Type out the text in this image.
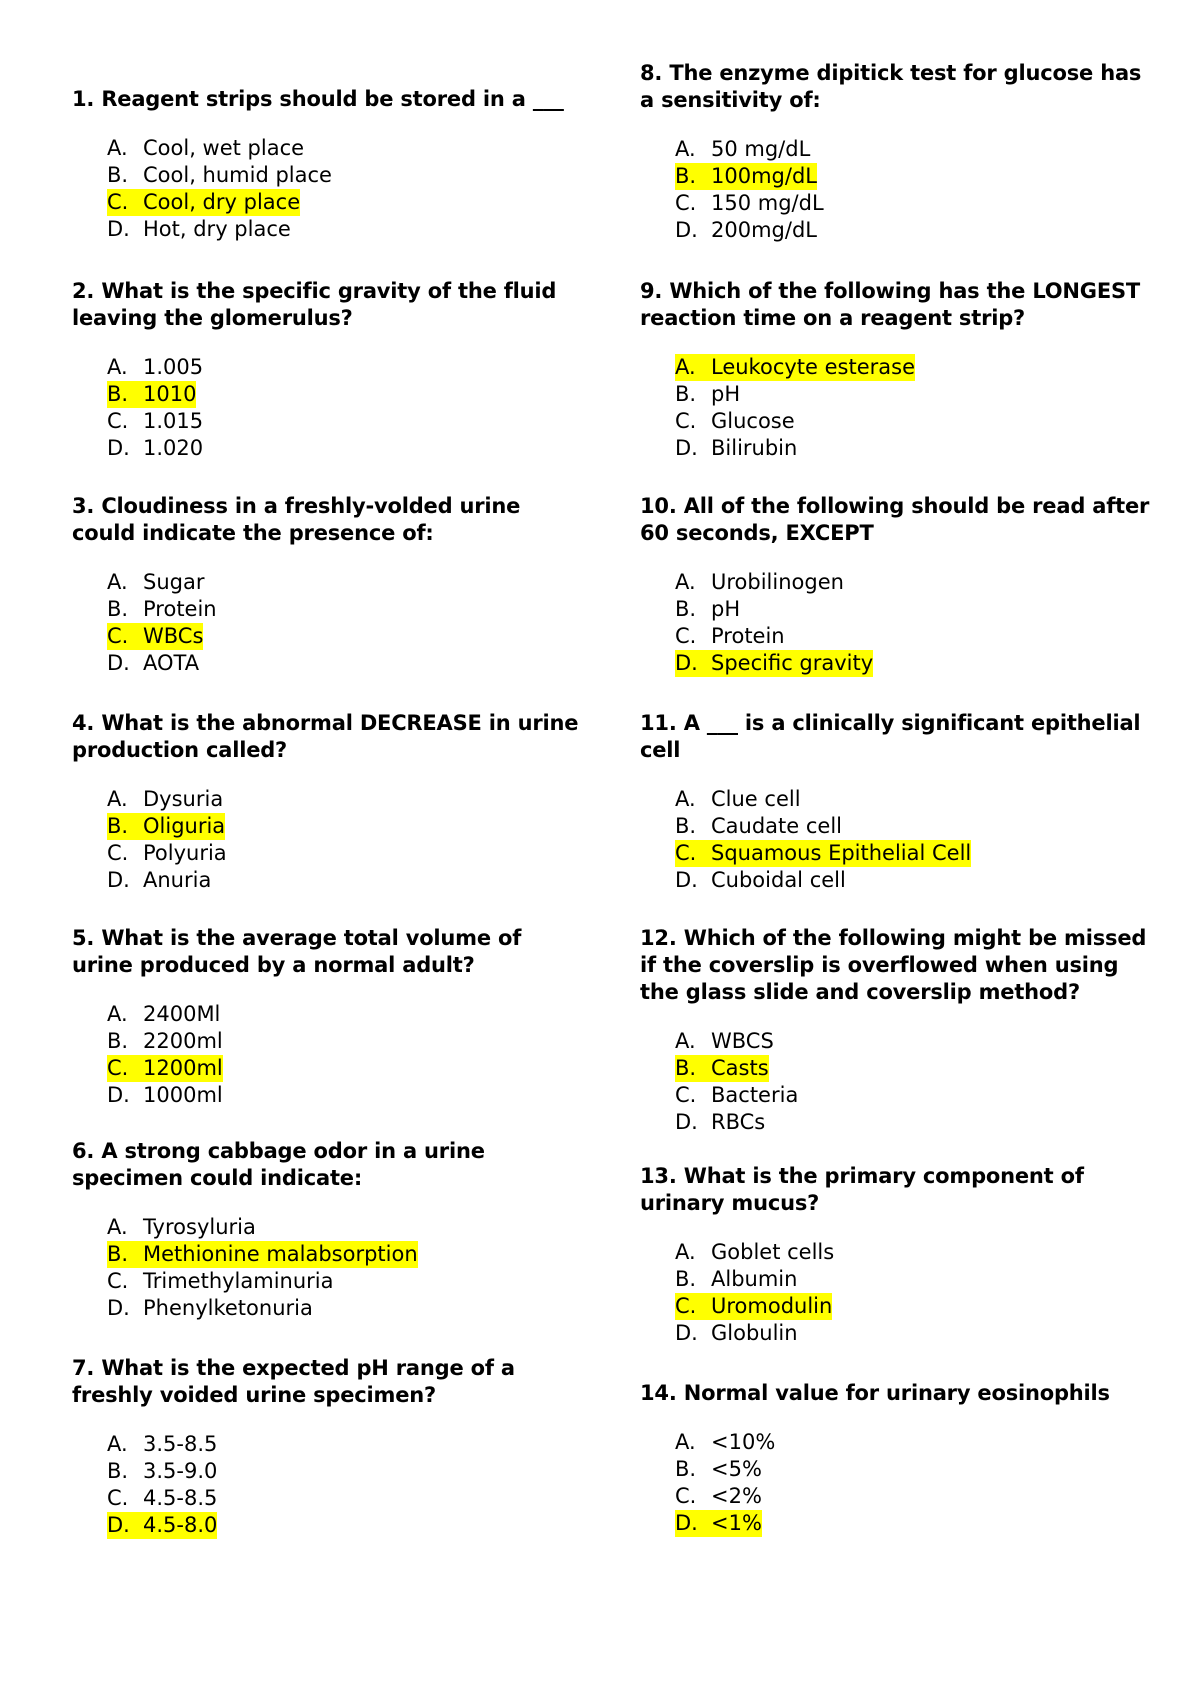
1. Reagent strips should be stored in a ___

A. Cool, wet place
B. Cool, humid place
C. Cool, dry place
D. Hot, dry place

2. What is the specific gravity of the fluid leaving the glomerulus?

A. 1.005
B. 1010
C. 1.015
D. 1.020

3. Cloudiness in a freshly-volded urine could indicate the presence of:

A. Sugar
B. Protein
C. WBCs
D. AOTA

4. What is the abnormal DECREASE in urine production called?

A. Dysuria
B. Oliguria
C. Polyuria
D. Anuria

5. What is the average total volume of urine produced by a normal adult?

A. 2400Ml
B. 2200ml
C. 1200ml
D. 1000ml

6. A strong cabbage odor in a urine specimen could indicate:

A. Tyrosyluria
B. Methionine malabsorption
C. Trimethylaminuria
D. Phenylketonuria

7. What is the expected pH range of a freshly voided urine specimen?

A. 3.5-8.5
B. 3.5-9.0
C. 4.5-8.5
D. 4.5-8.0

8. The enzyme dipitick test for glucose has a sensitivity of:

A. 50 mg/dL
B. 100mg/dL
C. 150 mg/dL
D. 200mg/dL

9. Which of the following has the LONGEST reaction time on a reagent strip?

A. Leukocyte esterase
B. pH
C. Glucose
D. Bilirubin

10. All of the following should be read after 60 seconds, EXCEPT

A. Urobilinogen
B. pH
C. Protein
D. Specific gravity

11. A ___ is a clinically significant epithelial cell

A. Clue cell
B. Caudate cell
C. Squamous Epithelial Cell
D. Cuboidal cell

12. Which of the following might be missed if the coverslip is overflowed when using the glass slide and coverslip method?

A. WBCS
B. Casts
C. Bacteria
D. RBCs

13. What is the primary component of urinary mucus?

A. Goblet cells
B. Albumin
C. Uromodulin
D. Globulin

14. Normal value for urinary eosinophils

A. <10%
B. <5%
C. <2%
D. <1%
